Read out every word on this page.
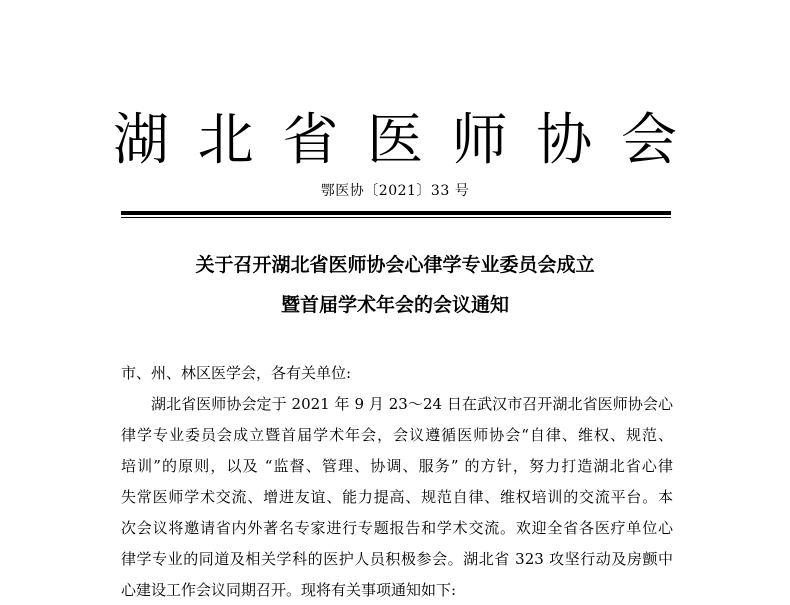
湖 北 省 医 师 协 会
鄂医协〔2021〕33 号
关于召开湖北省医师协会心律学专业委员会成立
暨首届学术年会的会议通知
市、州、林区医学会，各有关单位:
湖北省医师协会定于 2021 年 9 月 23～24 日在武汉市召开湖北省医师协会心
律学专业委员会成立暨首届学术年会，会议遵循医师协会“自律、维权、规范、
培训”的原则，以及 “监督、管理、协调、服务” 的方针，努力打造湖北省心律
失常医师学术交流、增进友谊、能力提高、规范自律、维权培训的交流平台。本
次会议将邀请省内外著名专家进行专题报告和学术交流。欢迎全省各医疗单位心
律学专业的同道及相关学科的医护人员积极参会。湖北省 323 攻坚行动及房颤中
心建设工作会议同期召开。现将有关事项通知如下:
